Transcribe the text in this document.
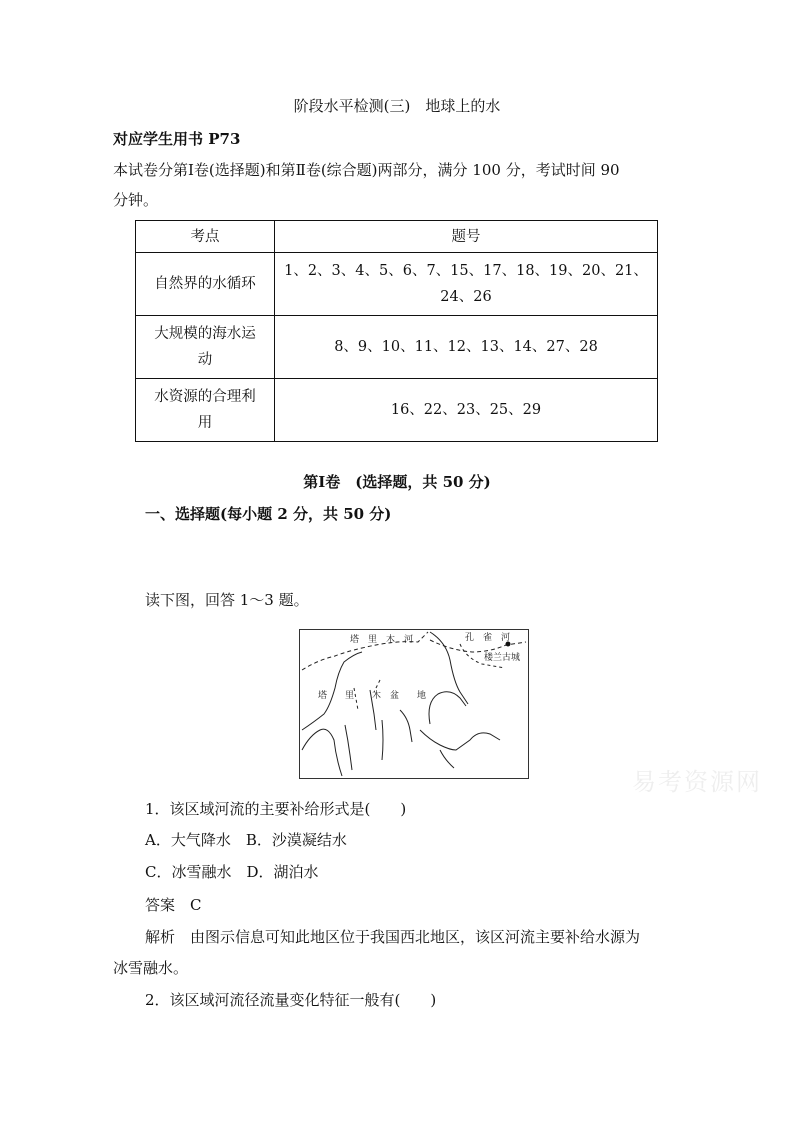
阶段水平检测(三)　地球上的水
对应学生用书 P73
本试卷分第Ⅰ卷(选择题)和第Ⅱ卷(综合题)两部分，满分 100 分，考试时间 90
分钟。
考点	题号
自然界的水循环	1、2、3、4、5、6、7、15、17、18、19、20、21、
24、26
大规模的海水运
动	8、9、10、11、12、13、14、27、28
水资源的合理利
用	16、22、23、25、29
第Ⅰ卷　(选择题，共 50 分)
一、选择题(每小题 2 分，共 50 分)
读下图，回答 1～3 题。
塔　里　木　河	孔　雀　河
楼兰古城
塔　　里　　木　盆　　地
易考资源网
1．该区域河流的主要补给形式是(　　)
A．大气降水　B．沙漠凝结水
C．冰雪融水　D．湖泊水
答案　C
解析　由图示信息可知此地区位于我国西北地区，该区河流主要补给水源为
冰雪融水。
2．该区域河流径流量变化特征一般有(　　)
